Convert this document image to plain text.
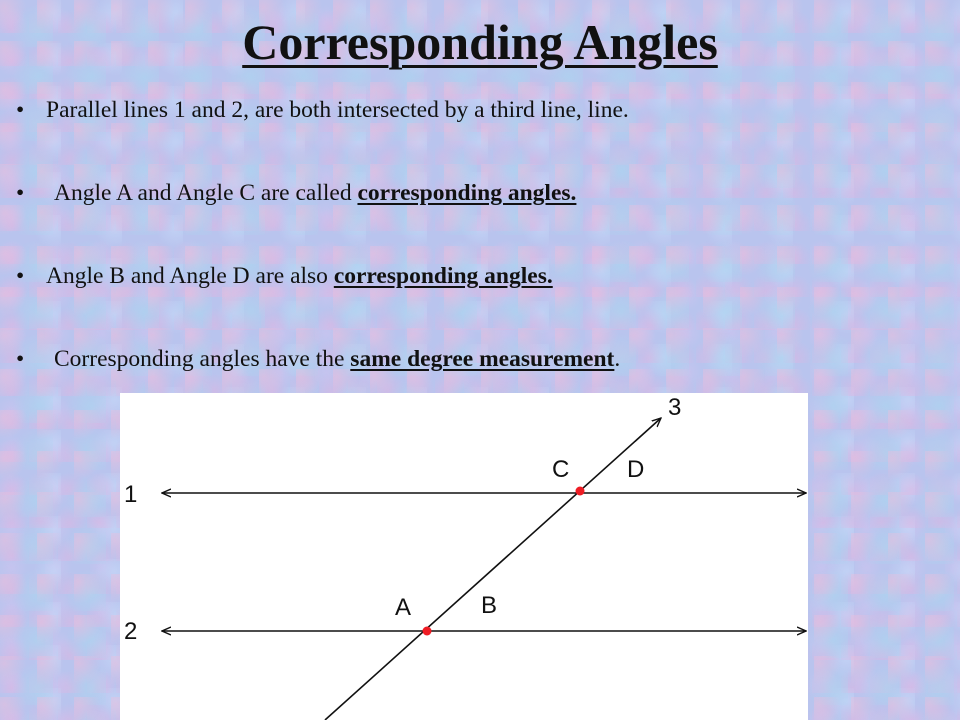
Corresponding Angles
• Parallel lines 1 and 2, are both intersected by a third line, line.
•	Angle A and Angle C are called corresponding angles.
• Angle B and Angle D are also corresponding angles.
•	Corresponding angles have the same degree measurement.
1
2
3
C D
A	B
